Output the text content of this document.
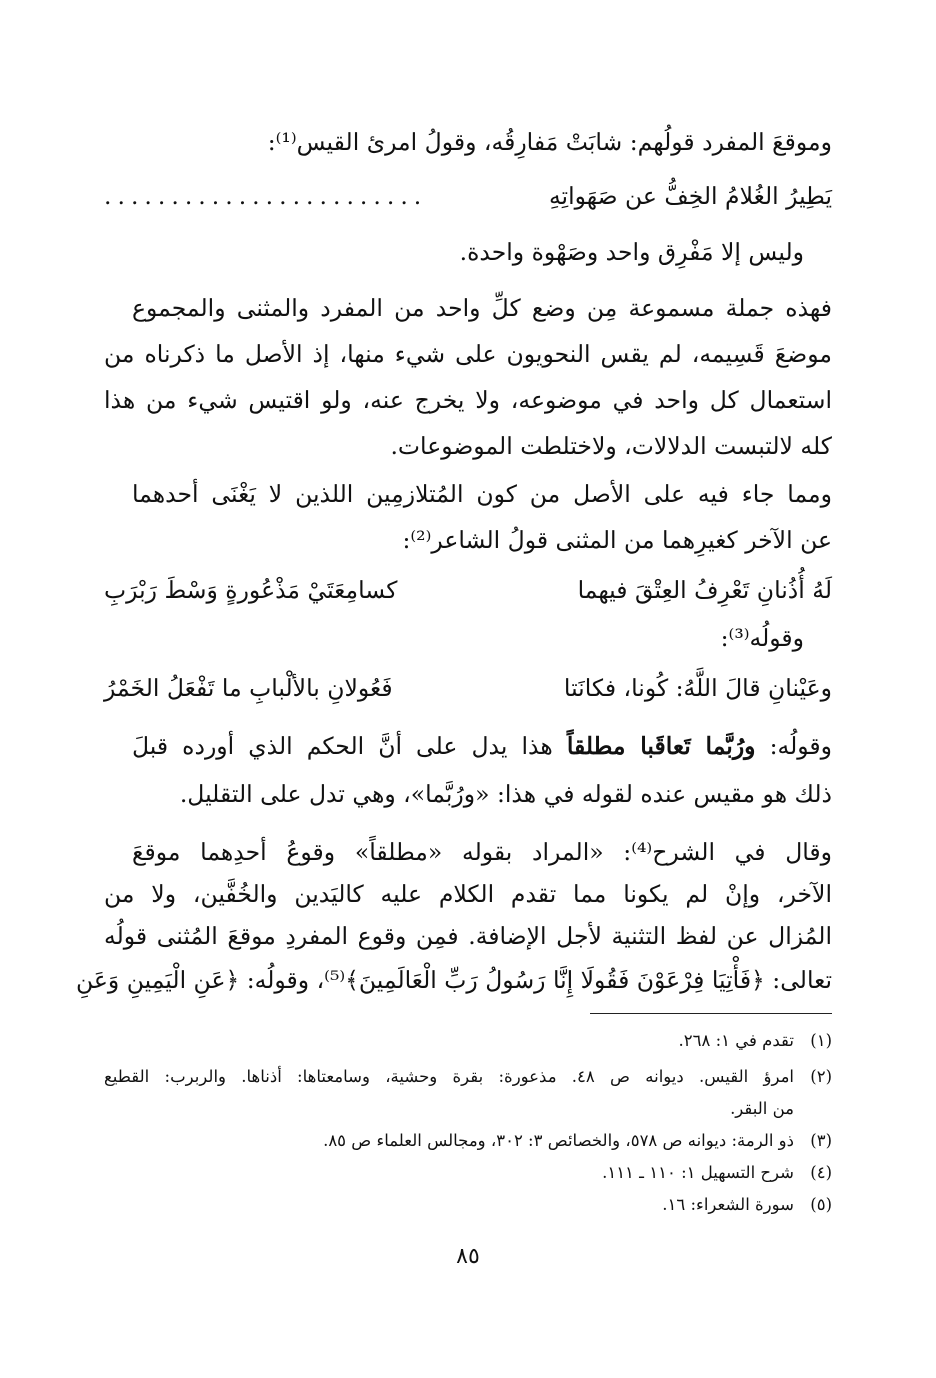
وموقعَ المفرد قولُهم: شابَتْ مَفارِقُه، وقولُ امرئ القيس⁽¹⁾:
يَطِيرُ الغُلامُ الخِفُّ عن صَهَواتِهِ
........................
وليس إلا مَفْرِق واحد وصَهْوة واحدة.
فهذه جملة مسموعة مِن وضع كلِّ واحد من المفرد والمثنى والمجموع
موضعَ قَسِيمه، لم يقس النحويون على شيء منها، إذ الأصل ما ذكرناه من
استعمال كل واحد في موضوعه، ولا يخرج عنه، ولو اقتيس شيء من هذا
كله لالتبست الدلالات، ولاختلطت الموضوعات.
ومما جاء فيه على الأصل من كون المُتلازمِين اللذين لا يَغْنَى أحدهما
عن الآخر كغيرِهما من المثنى قولُ الشاعر⁽²⁾:
لَهُ أُذُنانِ تَعْرِفُ العِتْقَ فيهما
كسامِعَتَيْ مَذْعُورةٍ وَسْطَ رَبْرَبِ
وقولُه⁽³⁾:
وعَيْنانِ قالَ اللَّهُ: كُونا، فكانَتا
فَعُولانِ بالألْبابِ ما تَفْعَلُ الخَمْرُ
وقولُه: ورُبَّما تَعاقَبا مطلقاً هذا يدل على أنَّ الحكم الذي أورده قبلَ
ذلك هو مقيس عنده لقوله في هذا: «ورُبَّما»، وهي تدل على التقليل.
وقال في الشرح⁽⁴⁾: «المراد بقوله «مطلقاً» وقوعُ أحدِهما موقعَ
الآخر، وإنْ لم يكونا مما تقدم الكلام عليه كاليَدين والخُفَّين، ولا من
المُزال عن لفظ التثنية لأجل الإضافة. فمِن وقوع المفردِ موقعَ المُثنى قولُه
تعالى: ﴿فَأْتِيَا فِرْعَوْنَ فَقُولَا إِنَّا رَسُولُ رَبِّ الْعَالَمِينَ﴾⁽⁵⁾، وقولُه: ﴿عَنِ الْيَمِينِ وَعَنِ
(١)
تقدم في ١: ٢٦٨.
(٢)
امرؤ القيس. ديوانه ص ٤٨. مذعورة: بقرة وحشية، وسامعتاها: أذناها. والربرب: القطيع
من البقر.
(٣)
ذو الرمة: ديوانه ص ٥٧٨، والخصائص ٣: ٣٠٢، ومجالس العلماء ص ٨٥.
(٤)
شرح التسهيل ١: ١١٠ ـ ١١١.
(٥)
سورة الشعراء: ١٦.
٨٥
